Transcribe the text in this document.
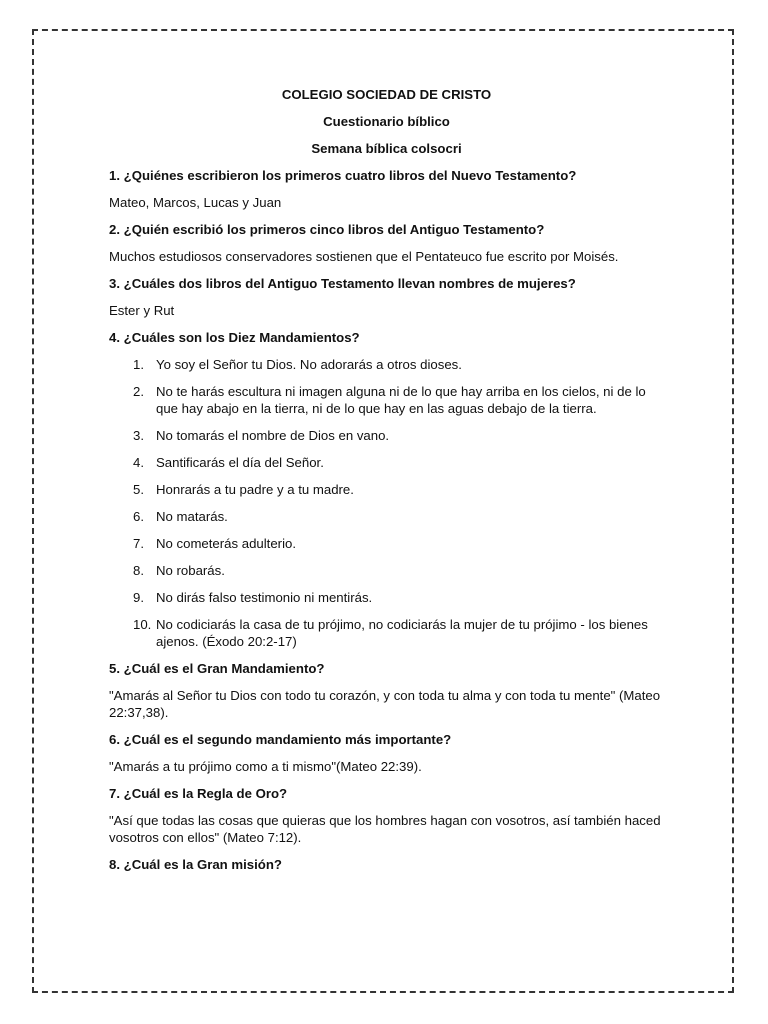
COLEGIO SOCIEDAD DE CRISTO

Cuestionario bíblico

Semana bíblica colsocri

1. ¿Quiénes escribieron los primeros cuatro libros del Nuevo Testamento?

Mateo, Marcos, Lucas y Juan

2. ¿Quién escribió los primeros cinco libros del Antiguo Testamento?

Muchos estudiosos conservadores sostienen que el Pentateuco fue escrito por Moisés.

3. ¿Cuáles dos libros del Antiguo Testamento llevan nombres de mujeres?

Ester y Rut

4. ¿Cuáles son los Diez Mandamientos?

1. Yo soy el Señor tu Dios. No adorarás a otros dioses.
2. No te harás escultura ni imagen alguna ni de lo que hay arriba en los cielos, ni de lo que hay abajo en la tierra, ni de lo que hay en las aguas debajo de la tierra.
3. No tomarás el nombre de Dios en vano.
4. Santificarás el día del Señor.
5. Honrarás a tu padre y a tu madre.
6. No matarás.
7. No cometerás adulterio.
8. No robarás.
9. No dirás falso testimonio ni mentirás.
10. No codiciarás la casa de tu prójimo, no codiciarás la mujer de tu prójimo - los bienes ajenos. (Éxodo 20:2-17)

5. ¿Cuál es el Gran Mandamiento?

"Amarás al Señor tu Dios con todo tu corazón, y con toda tu alma y con toda tu mente" (Mateo 22:37,38).

6. ¿Cuál es el segundo mandamiento más importante?

"Amarás a tu prójimo como a ti mismo"(Mateo 22:39).

7. ¿Cuál es la Regla de Oro?

"Así que todas las cosas que quieras que los hombres hagan con vosotros, así también haced vosotros con ellos" (Mateo 7:12).

8. ¿Cuál es la Gran misión?
